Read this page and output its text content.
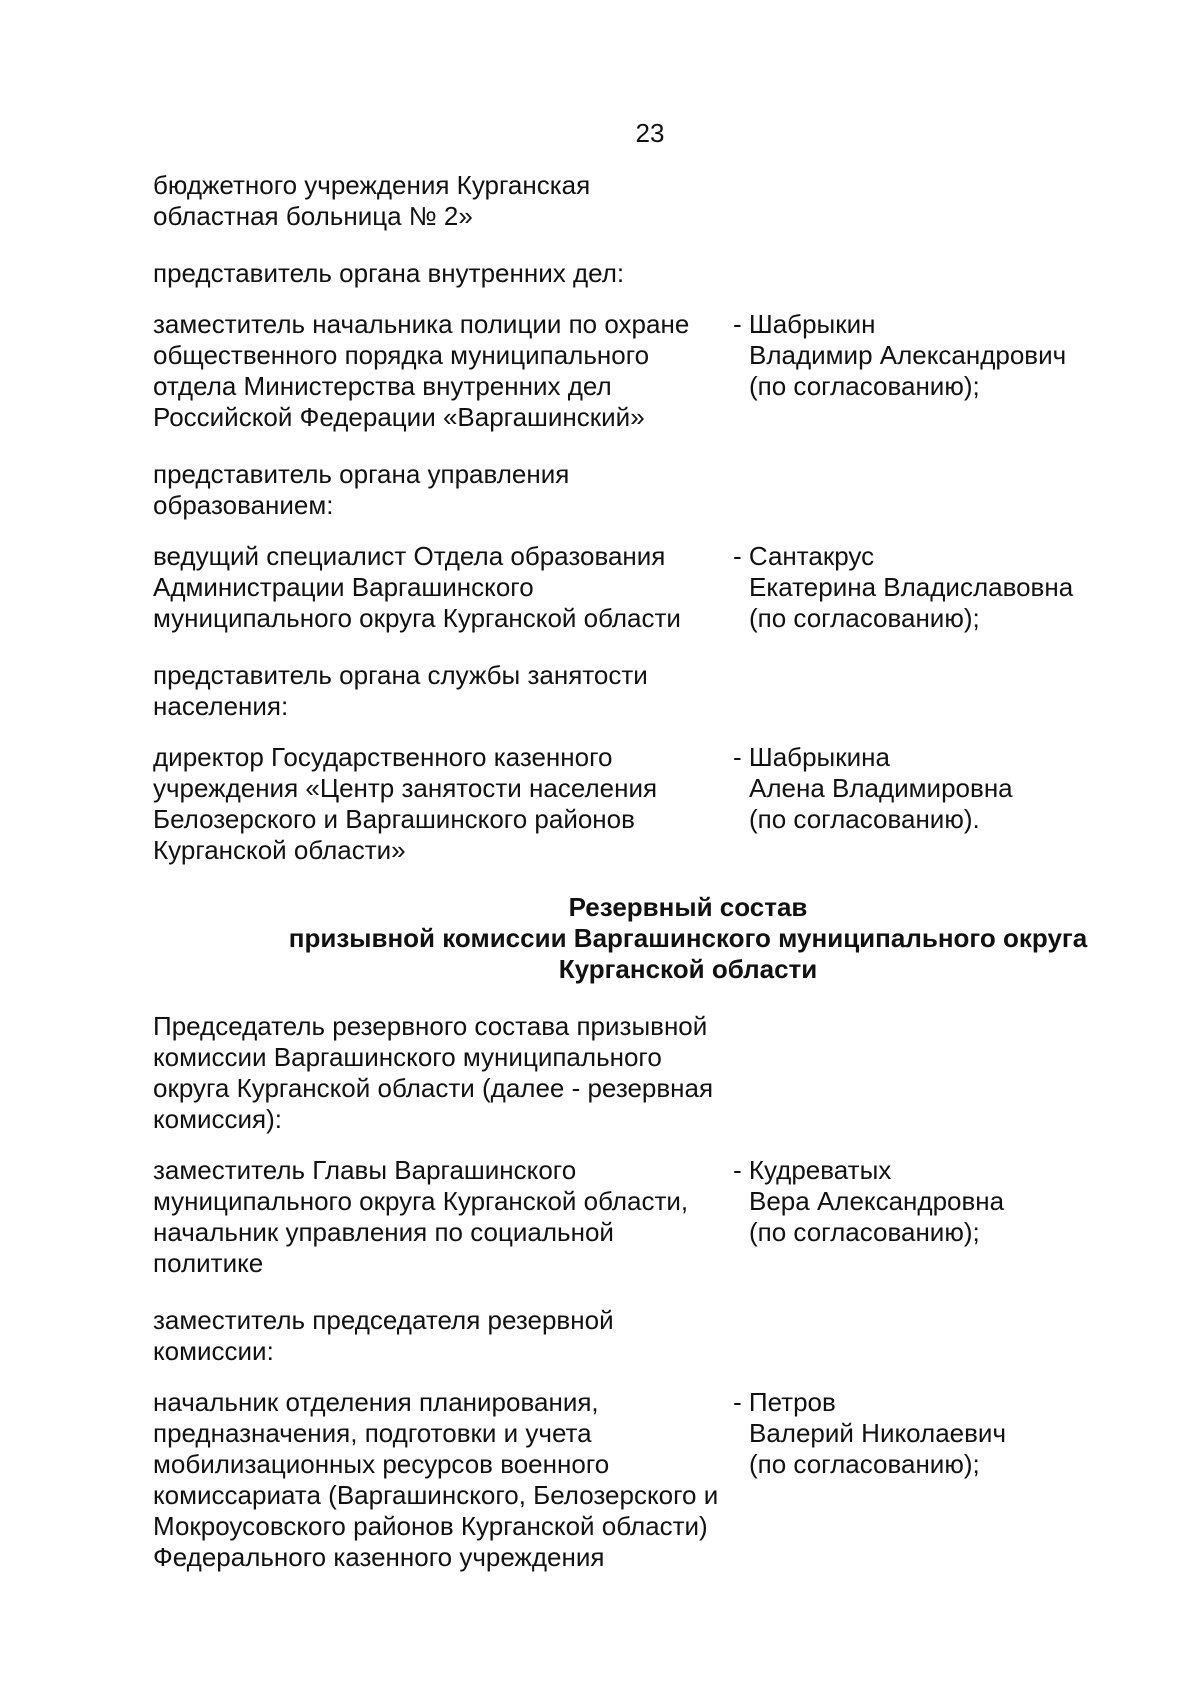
23
бюджетного учреждения Курганская
областная больница № 2»
представитель органа внутренних дел:
заместитель начальника полиции по охране
общественного порядка муниципального
отдела Министерства внутренних дел
Российской Федерации «Варгашинский»
- Шабрыкин
Владимир Александрович
(по согласованию);
представитель органа управления
образованием:
ведущий специалист Отдела образования
Администрации Варгашинского
муниципального округа Курганской области
- Сантакрус
Екатерина Владиславовна
(по согласованию);
представитель органа службы занятости
населения:
директор Государственного казенного
учреждения «Центр занятости населения
Белозерского и Варгашинского районов
Курганской области»
- Шабрыкина
Алена Владимировна
(по согласованию).
Резервный состав
призывной комиссии Варгашинского муниципального округа
Курганской области
Председатель резервного состава призывной
комиссии Варгашинского муниципального
округа Курганской области (далее - резервная
комиссия):
заместитель Главы Варгашинского
муниципального округа Курганской области,
начальник управления по социальной
политике
- Кудреватых
Вера Александровна
(по согласованию);
заместитель председателя резервной
комиссии:
начальник отделения планирования,
предназначения, подготовки и учета
мобилизационных ресурсов военного
комиссариата (Варгашинского, Белозерского и
Мокроусовского районов Курганской области)
Федерального казенного учреждения
- Петров
Валерий Николаевич
(по согласованию);
